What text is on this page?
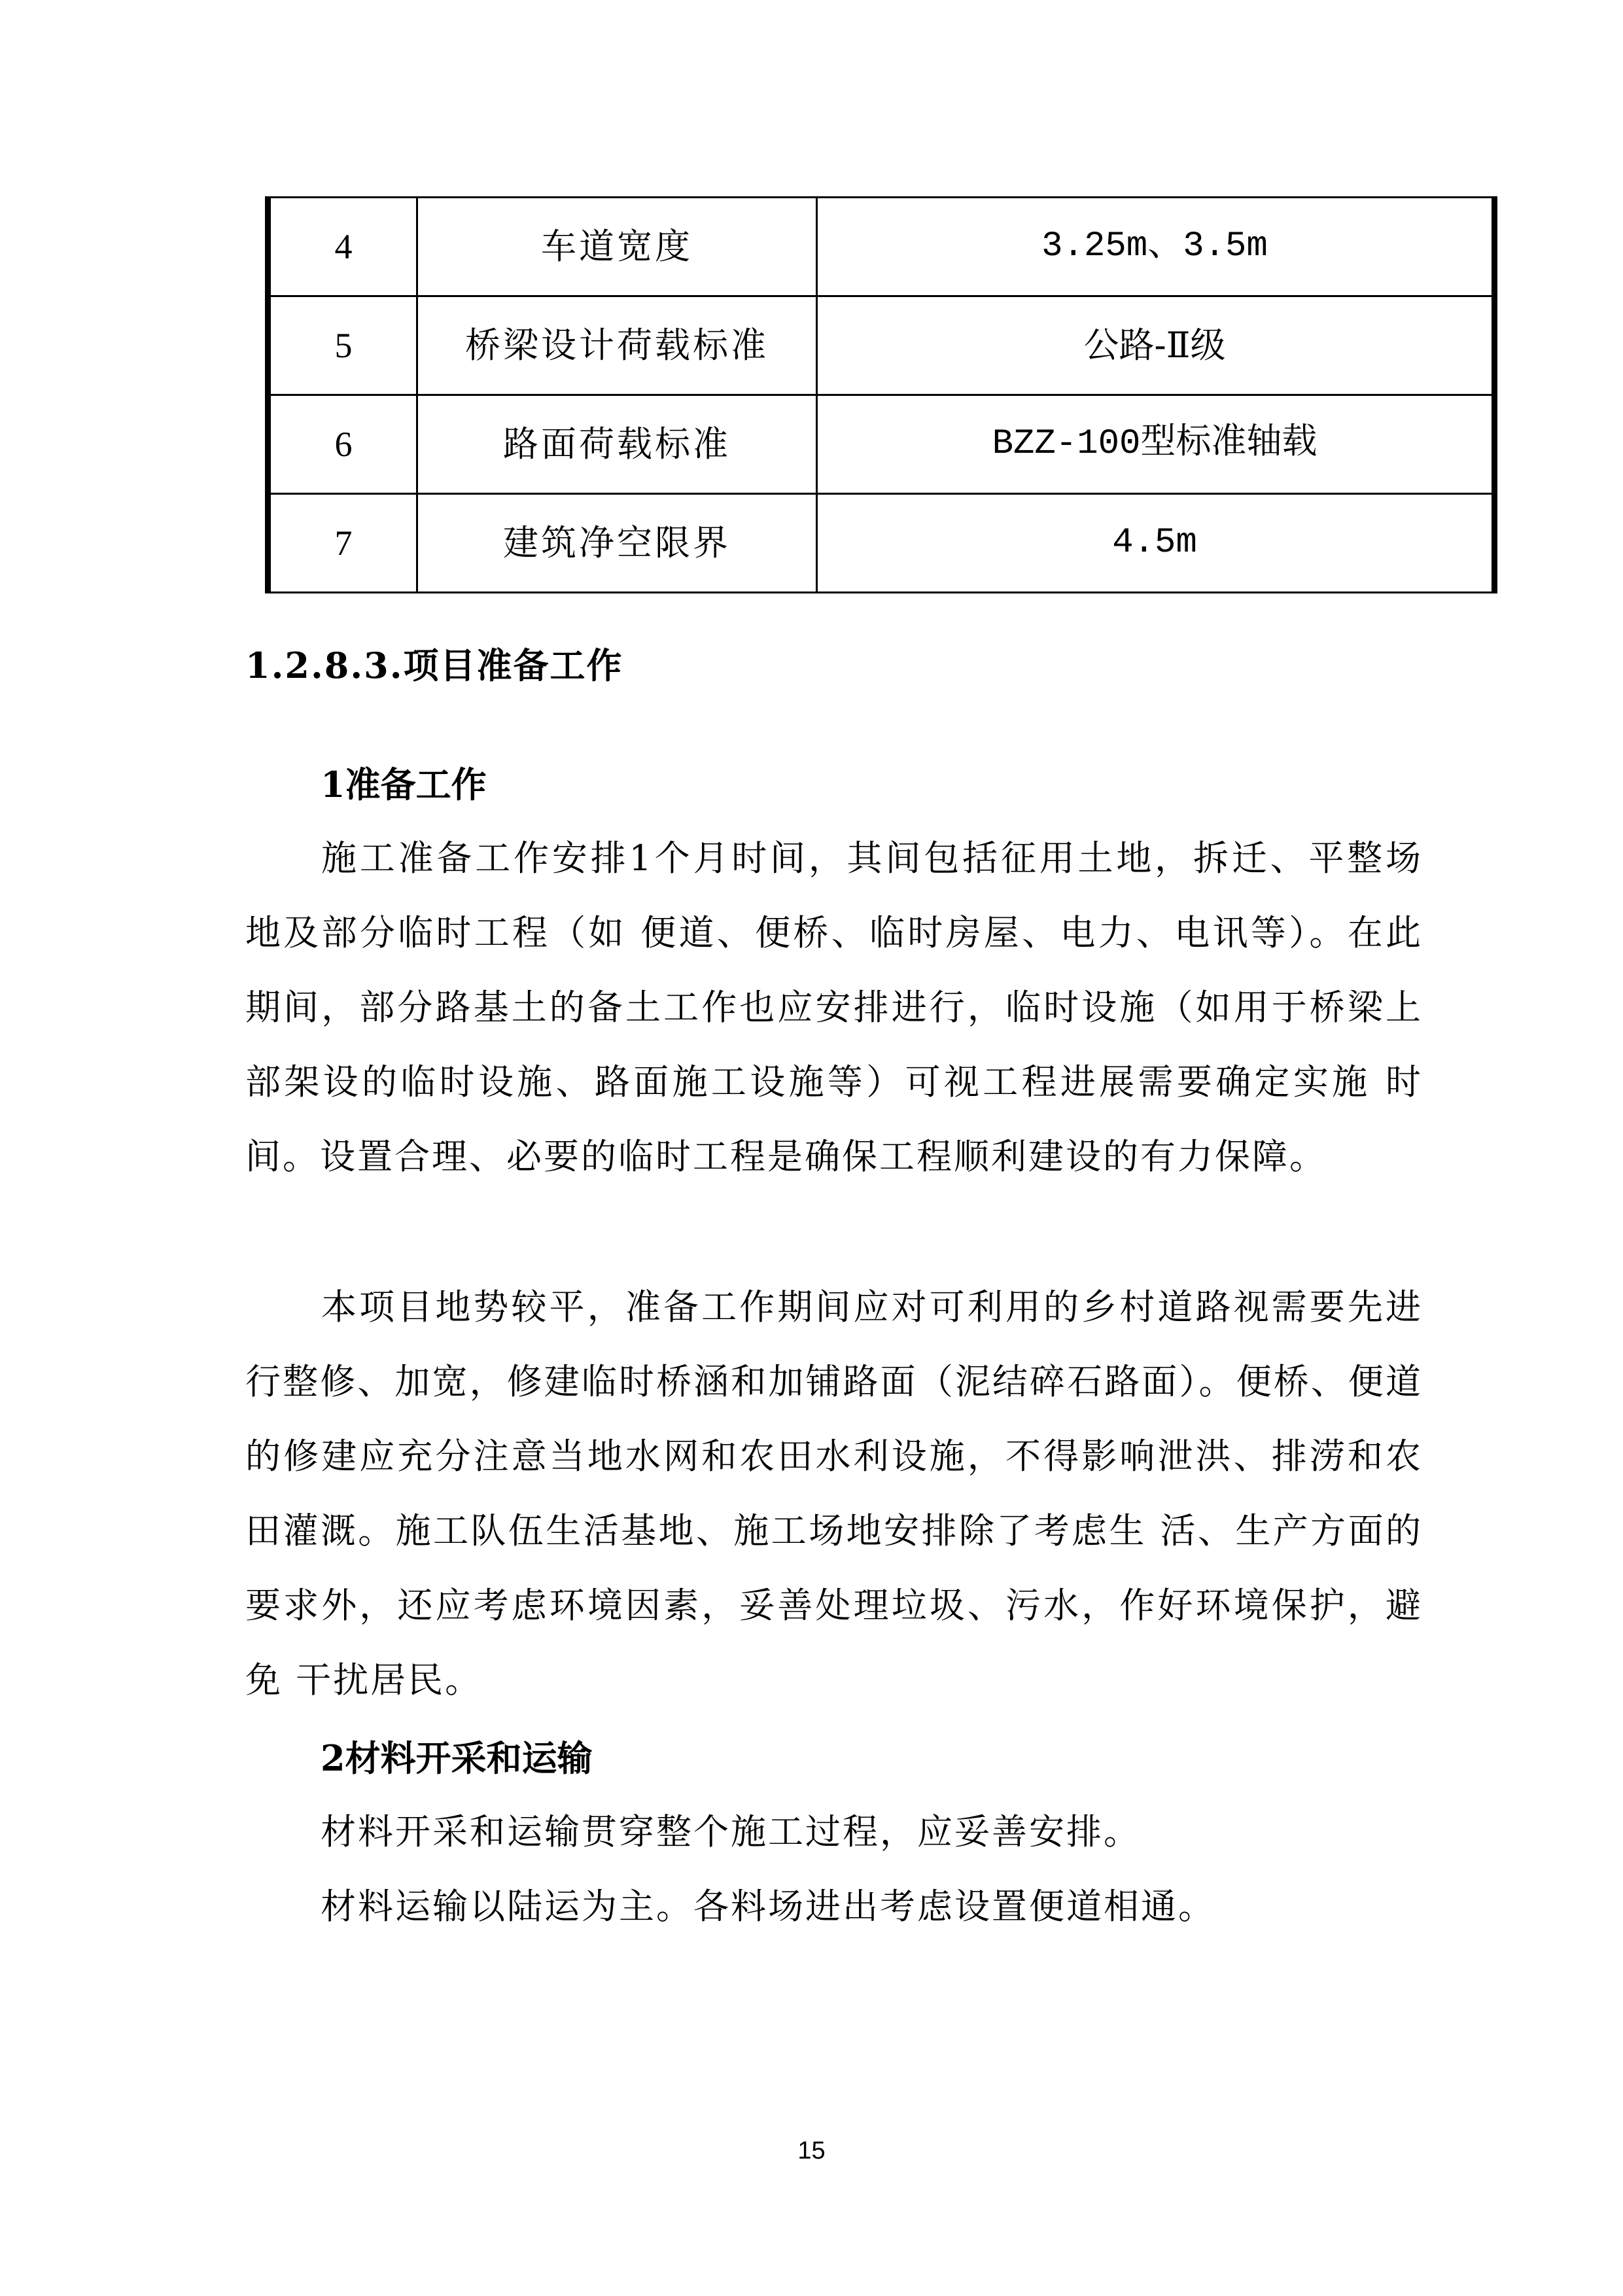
4	车道宽度	3.25m、3.5m
5	桥梁设计荷载标准	公路-Ⅱ级
6	路面荷载标准	BZZ-100型标准轴载
7	建筑净空限界	4.5m
1.2.8.3.项目准备工作
1准备工作

施工准备工作安排1个月时间，其间包括征用土地，拆迁、平整场地及部分临时工程（如 便道、便桥、临时房屋、电力、电讯等）。在此期间，部分路基土的备土工作也应安排进行，临时设施（如用于桥梁上部架设的临时设施、路面施工设施等）可视工程进展需要确定实施 时间。设置合理、必要的临时工程是确保工程顺利建设的有力保障。

本项目地势较平，准备工作期间应对可利用的乡村道路视需要先进行整修、加宽，修建临时桥涵和加铺路面（泥结碎石路面）。便桥、便道的修建应充分注意当地水网和农田水利设施，不得影响泄洪、排涝和农田灌溉。施工队伍生活基地、施工场地安排除了考虑生 活、生产方面的要求外，还应考虑环境因素，妥善处理垃圾、污水，作好环境保护，避免 干扰居民。

2材料开采和运输

材料开采和运输贯穿整个施工过程，应妥善安排。

材料运输以陆运为主。各料场进出考虑设置便道相通。

15
